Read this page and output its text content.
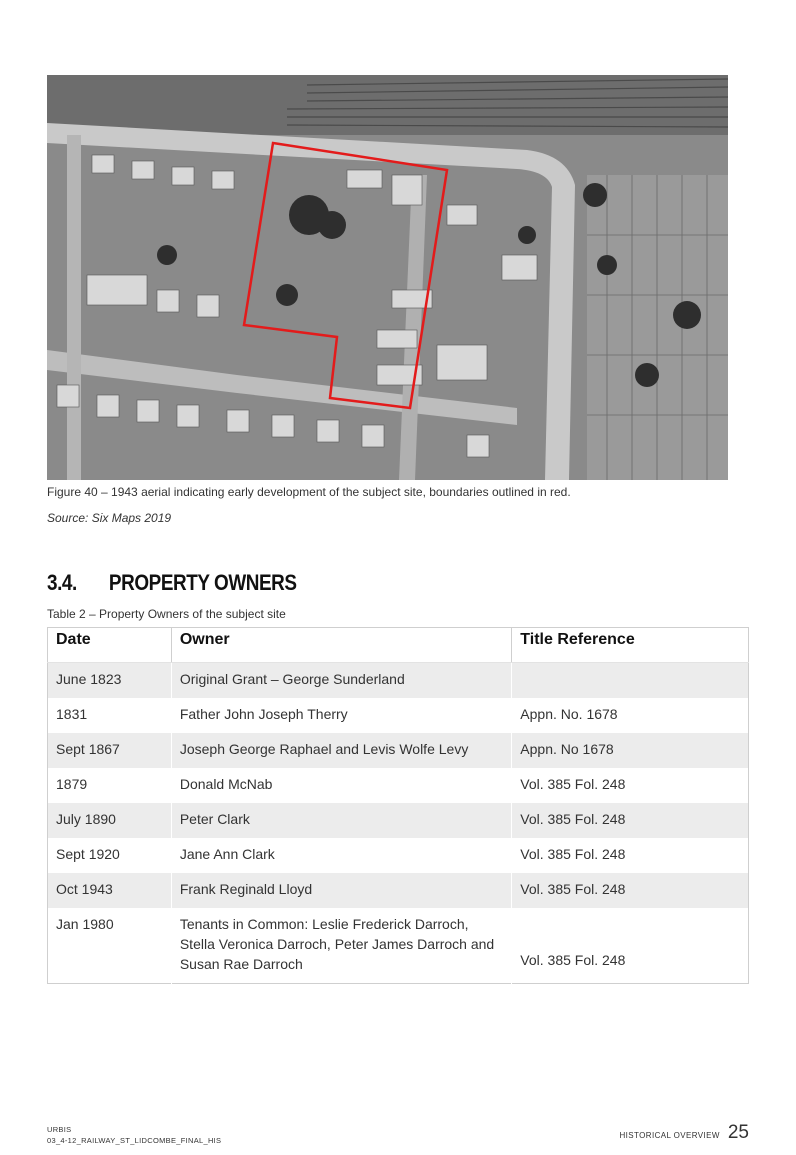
Figure 40 – 1943 aerial indicating early development of the subject site, boundaries outlined in red.
Source: Six Maps 2019
3.4. PROPERTY OWNERS
Table 2 – Property Owners of the subject site
Date	Owner	Title Reference
June 1823	Original Grant – George Sunderland	
1831	Father John Joseph Therry	Appn. No. 1678
Sept 1867	Joseph George Raphael and Levis Wolfe Levy	Appn. No 1678
1879	Donald McNab	Vol. 385 Fol. 248
July 1890	Peter Clark	Vol. 385 Fol. 248
Sept 1920	Jane Ann Clark	Vol. 385 Fol. 248
Oct 1943	Frank Reginald Lloyd	Vol. 385 Fol. 248
Jan 1980	Tenants in Common: Leslie Frederick Darroch, Stella Veronica Darroch, Peter James Darroch and Susan Rae Darroch	Vol. 385 Fol. 248
URBIS
03_4-12_RAILWAY_ST_LIDCOMBE_FINAL_HIS
HISTORICAL OVERVIEW 25
